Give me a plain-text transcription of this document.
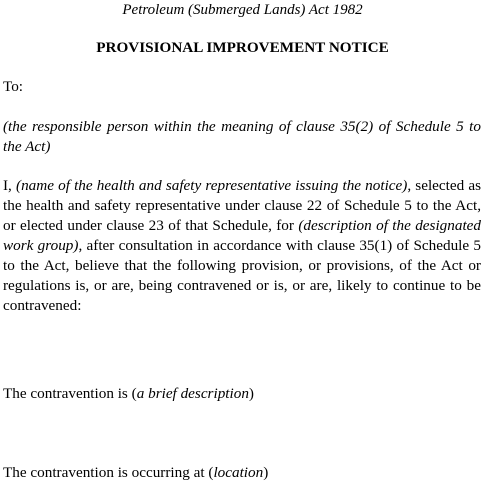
Petroleum (Submerged Lands) Act 1982
PROVISIONAL IMPROVEMENT NOTICE
To:
(the responsible person within the meaning of clause 35(2) of Schedule 5 to the Act)
I, (name of the health and safety representative issuing the notice), selected as the health and safety representative under clause 22 of Schedule 5 to the Act, or elected under clause 23 of that Schedule, for (description of the designated work group), after consultation in accordance with clause 35(1) of Schedule 5 to the Act, believe that the following provision, or provisions, of the Act or regulations is, or are, being contravened or is, or are, likely to continue to be contravened:
The contravention is (a brief description)
The contravention is occurring at (location)
